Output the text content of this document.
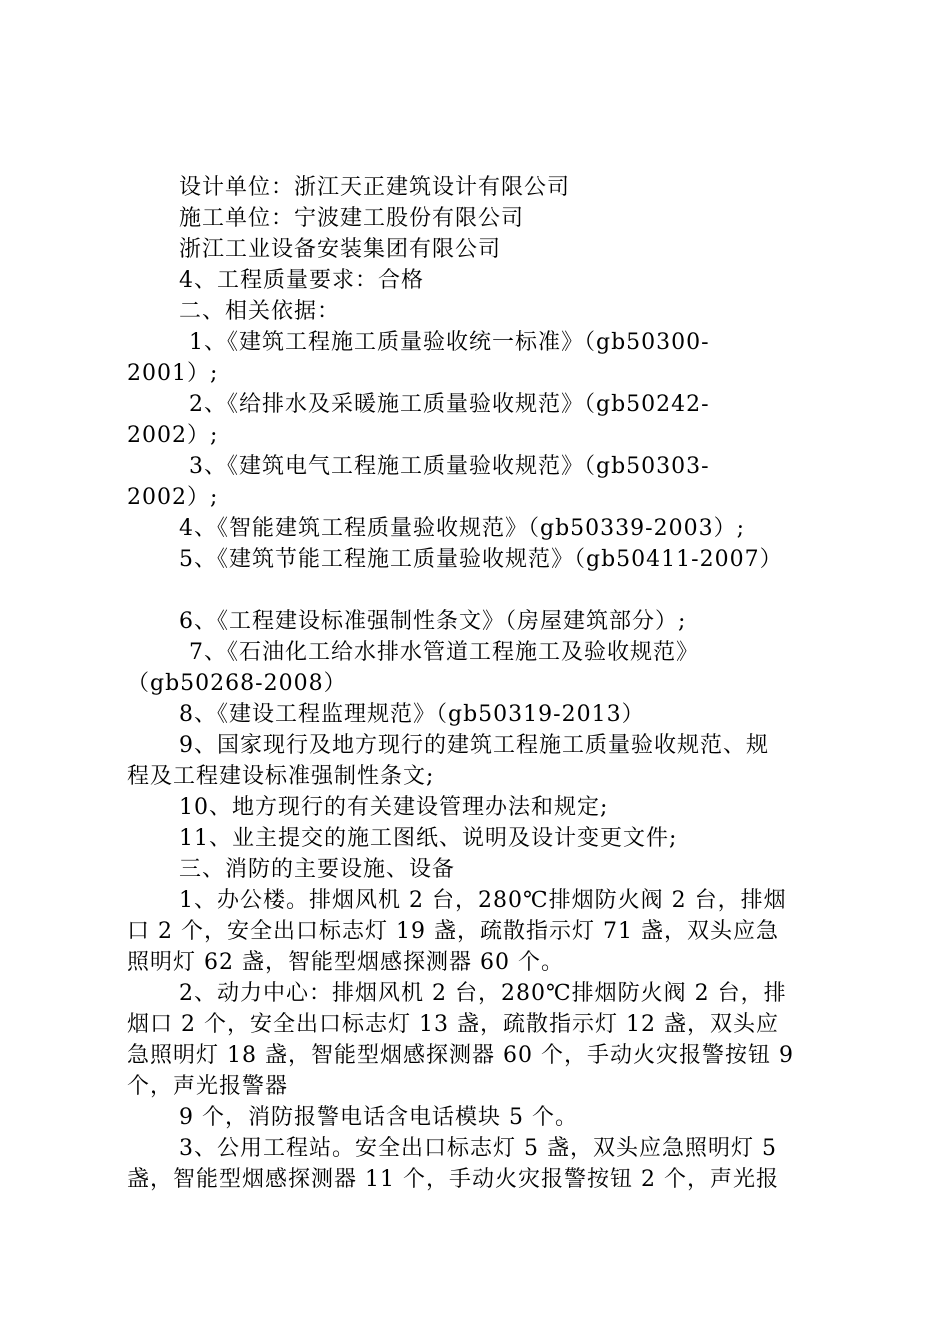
设计单位：浙江天正建筑设计有限公司
施工单位：宁波建工股份有限公司
浙江工业设备安装集团有限公司
4、工程质量要求：合格
二、相关依据：
1、《建筑工程施工质量验收统一标准》（gb50300-
2001）;
2、《给排水及采暖施工质量验收规范》（gb50242-
2002）;
3、《建筑电气工程施工质量验收规范》（gb50303-
2002）;
4、《智能建筑工程质量验收规范》（gb50339-2003）;
5、《建筑节能工程施工质量验收规范》（gb50411-2007）
6、《工程建设标准强制性条文》（房屋建筑部分）;
7、《石油化工给水排水管道工程施工及验收规范》
（gb50268-2008）
8、《建设工程监理规范》（gb50319-2013）
9、国家现行及地方现行的建筑工程施工质量验收规范、规
程及工程建设标准强制性条文;
10、地方现行的有关建设管理办法和规定;
11、业主提交的施工图纸、说明及设计变更文件;
三、消防的主要设施、设备
1、办公楼。排烟风机 2 台，280℃排烟防火阀 2 台，排烟
口 2 个，安全出口标志灯 19 盏，疏散指示灯 71 盏，双头应急
照明灯 62 盏，智能型烟感探测器 60 个。
2、动力中心：排烟风机 2 台，280℃排烟防火阀 2 台，排
烟口 2 个，安全出口标志灯 13 盏，疏散指示灯 12 盏，双头应
急照明灯 18 盏，智能型烟感探测器 60 个，手动火灾报警按钮 9
个，声光报警器
9 个，消防报警电话含电话模块 5 个。
3、公用工程站。安全出口标志灯 5 盏，双头应急照明灯 5
盏，智能型烟感探测器 11 个，手动火灾报警按钮 2 个，声光报
